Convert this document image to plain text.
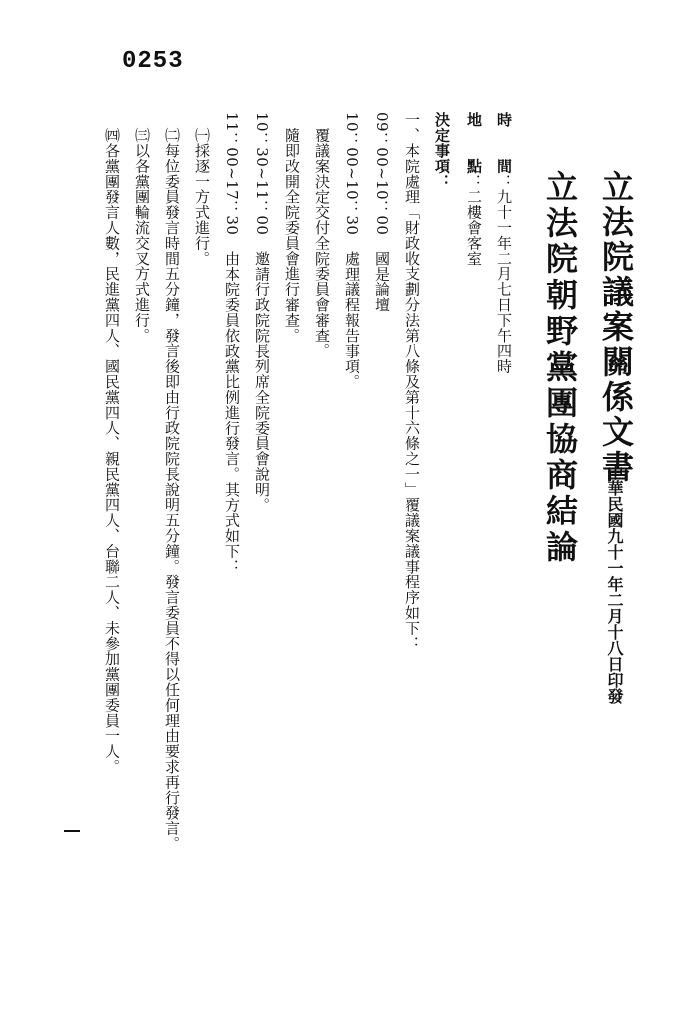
0253
立法院議案關係文書
中華民國九十一年二月十八日印發
立法院朝野黨團協商結論
時　　間：九十一年二月七日下午四時
地　　點：二樓會客室
決定事項：
一、本院處理「財政收支劃分法第八條及第十六條之一」覆議案議事程序如下：
09：00∼10：00　國是論壇
10：00∼10：30　處理議程報告事項。
　覆議案決定交付全院委員會審查。
　隨即改開全院委員會進行審查。
10：30∼11：00　邀請行政院院長列席全院委員會說明。
11：00∼17：30　由本院委員依政黨比例進行發言。其方式如下：
　㈠採逐一方式進行。
　㈡每位委員發言時間五分鐘，發言後即由行政院院長說明五分鐘。發言委員不得以任何理由要求再行發言。
　㈢以各黨團輪流交叉方式進行。
　㈣各黨團發言人數，民進黨四人、國民黨四人、親民黨四人、台聯二人、未參加黨團委員一人。
